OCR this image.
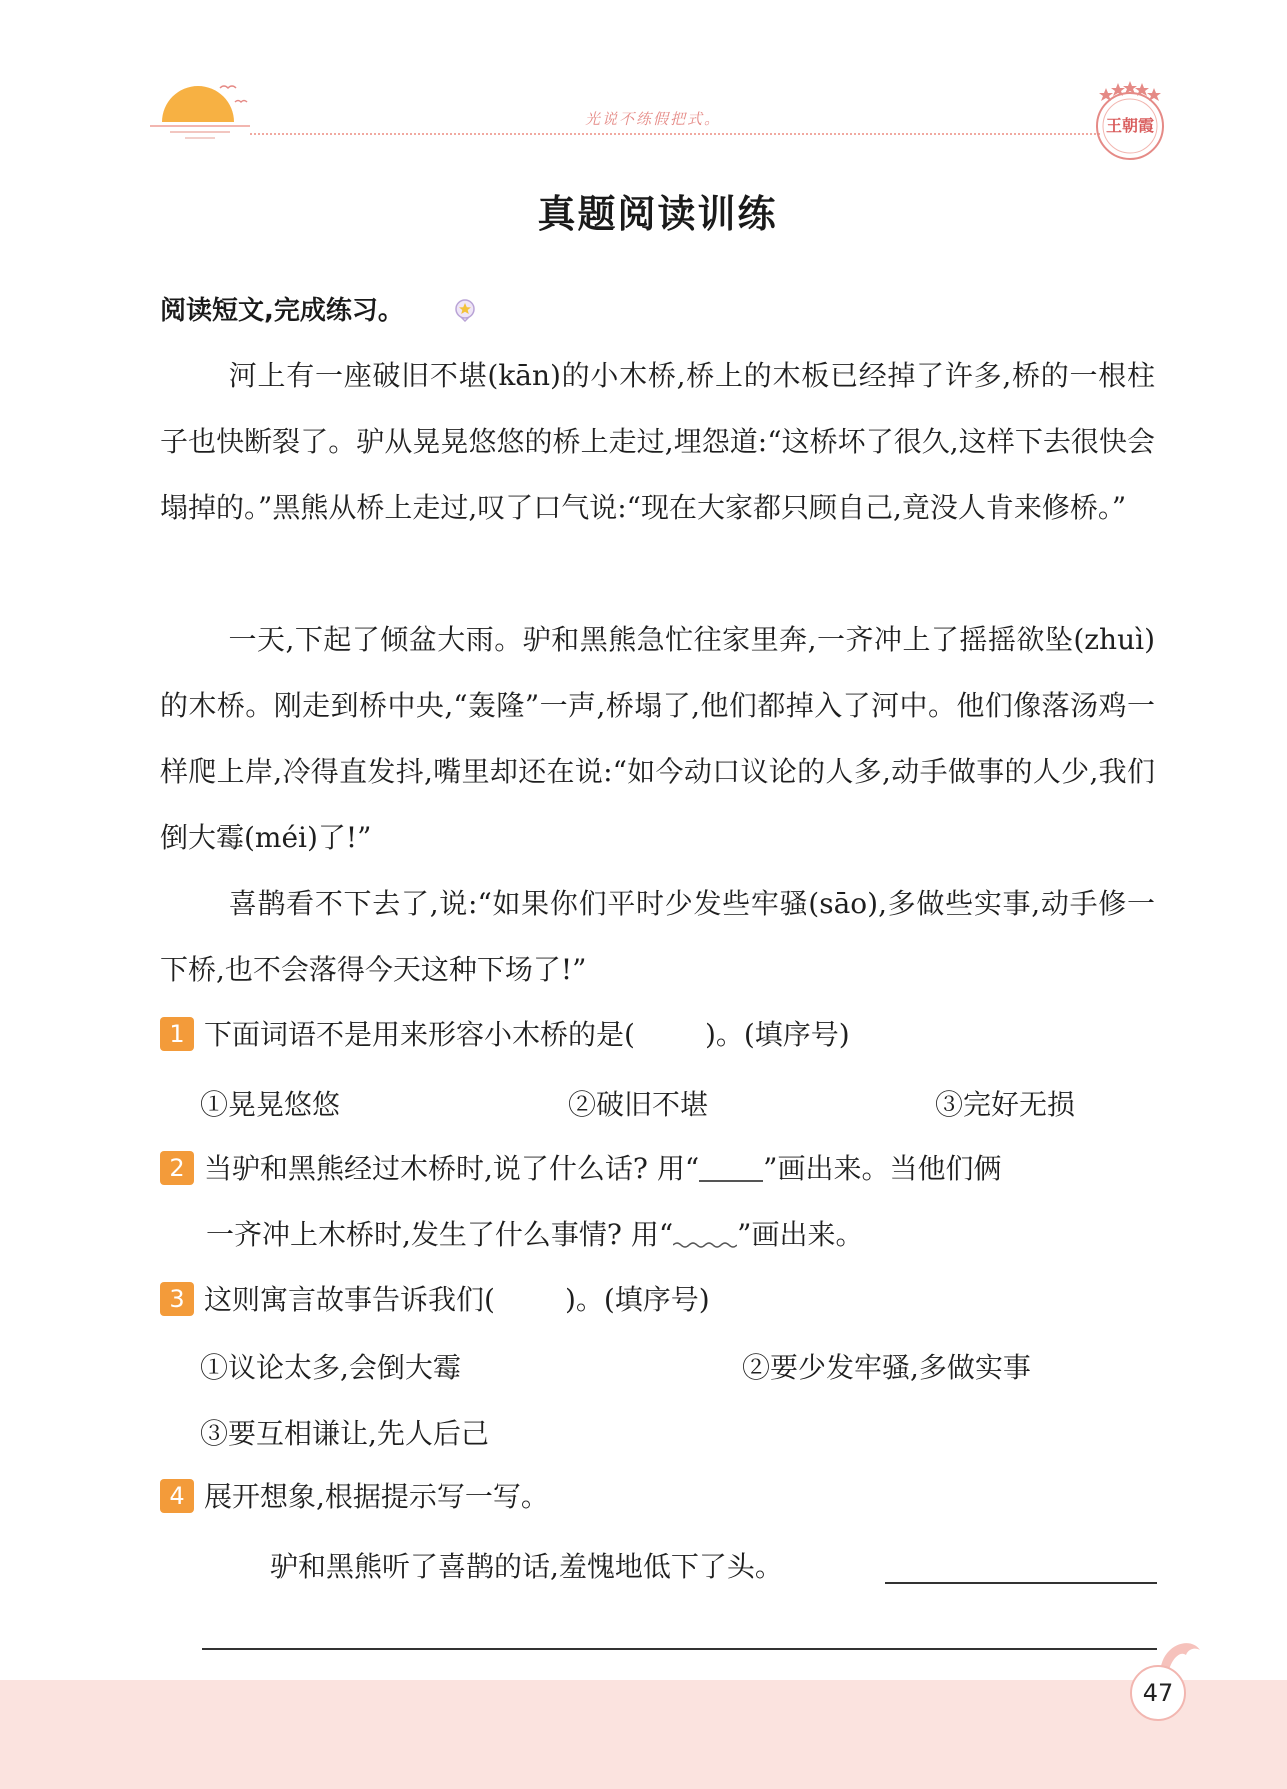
光说不练假把式。	王朝霞
真题阅读训练
阅读短文,完成练习。
河上有一座破旧不堪(kān)的小木桥,桥上的木板已经掉了许多,桥的一根柱子也快断裂了。驴从晃晃悠悠的桥上走过,埋怨道:“这桥坏了很久,这样下去很快会塌掉的。”黑熊从桥上走过,叹了口气说:“现在大家都只顾自己,竟没人肯来修桥。”
一天,下起了倾盆大雨。驴和黑熊急忙往家里奔,一齐冲上了摇摇欲坠(zhuì)的木桥。刚走到桥中央,“轰隆”一声,桥塌了,他们都掉入了河中。他们像落汤鸡一样爬上岸,冷得直发抖,嘴里却还在说:“如今动口议论的人多,动手做事的人少,我们倒大霉(méi)了!”
喜鹊看不下去了,说:“如果你们平时少发些牢骚(sāo),多做些实事,动手修一下桥,也不会落得今天这种下场了!”
1 下面词语不是用来形容小木桥的是(	)。(填序号)
①晃晃悠悠	②破旧不堪	③完好无损
2 当驴和黑熊经过木桥时,说了什么话? 用“ ”画出来。当他们俩
一齐冲上木桥时,发生了什么事情? 用“ ”画出来。
3 这则寓言故事告诉我们(	)。(填序号)
①议论太多,会倒大霉	②要少发牢骚,多做实事
③要互相谦让,先人后己
4 展开想象,根据提示写一写。
驴和黑熊听了喜鹊的话,羞愧地低下了头。
47
